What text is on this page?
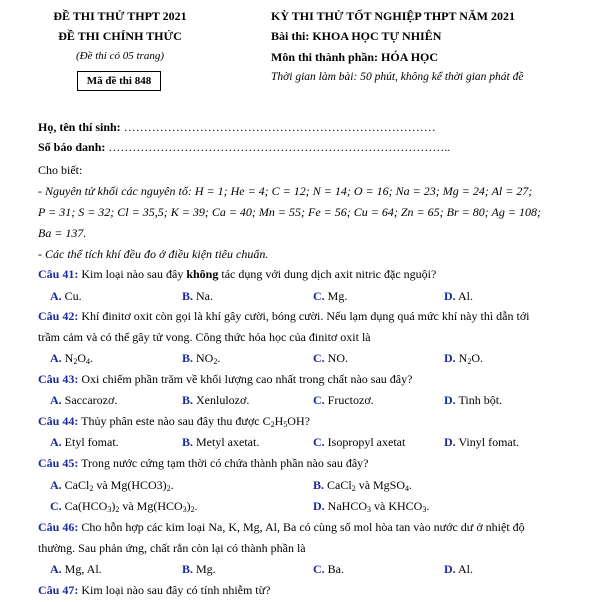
ĐỀ THI THỬ THPT 2021
ĐỀ THI CHÍNH THỨC
(Đề thi có 05 trang)
Mã đề thi 848
KỲ THI THỬ TỐT NGHIỆP THPT NĂM 2021
Bài thi: KHOA HỌC TỰ NHIÊN
Môn thi thành phần: HÓA HỌC
Thời gian làm bài: 50 phút, không kể thời gian phát đề
Họ, tên thí sinh: ……………………………………………………………………
Số báo danh: …………………………………………………………………………..
Cho biết:
- Nguyên tử khối các nguyên tố: H = 1; He = 4; C = 12; N = 14; O = 16; Na = 23; Mg = 24; Al = 27;
P = 31; S = 32; Cl = 35,5; K = 39; Ca = 40; Mn = 55; Fe = 56; Cu = 64; Zn = 65; Br = 80; Ag = 108;
Ba = 137.
- Các thể tích khí đều đo ở điều kiện tiêu chuẩn.
Câu 41: Kim loại nào sau đây không tác dụng với dung dịch axit nitric đặc nguội?
A. Cu.	B. Na.	C. Mg.	D. Al.
Câu 42: Khí đinitơ oxit còn gọi là khí gây cười, bóng cười. Nếu lạm dụng quá mức khí này thì dẫn tới
trầm cảm và có thể gây tử vong. Công thức hóa học của đinitơ oxit là
A. $N_2O_4$.	B. $NO_2$.	C. NO.	D. $N_2O$.
Câu 43: Oxi chiếm phần trăm về khối lượng cao nhất trong chất nào sau đây?
A. Saccarozơ.	B. Xenlulozơ.	C. Fructozơ.	D. Tinh bột.
Câu 44: Thủy phân este nào sau đây thu được $C_2H_5OH$?
A. Etyl fomat.	B. Metyl axetat.	C. Isopropyl axetat	D. Vinyl fomat.
Câu 45: Trong nước cứng tạm thời có chứa thành phần nào sau đây?
A. CaCl$_2$ và $Mg(HCO3)_2$.	B. CaCl$_2$ và MgSO$_4$.
C. $Ca(HCO_3)_2$ và $Mg(HCO_3)_2$.	D. NaHCO$_3$ và $KHCO_3$.
Câu 46: Cho hỗn hợp các kim loại Na, K, Mg, Al, Ba có cùng số mol hòa tan vào nước dư ở nhiệt độ
thường. Sau phản ứng, chất rắn còn lại có thành phần là
A. Mg, Al.	B. Mg.	C. Ba.	D. Al.
Câu 47: Kim loại nào sau đây có tính nhiễm từ?
